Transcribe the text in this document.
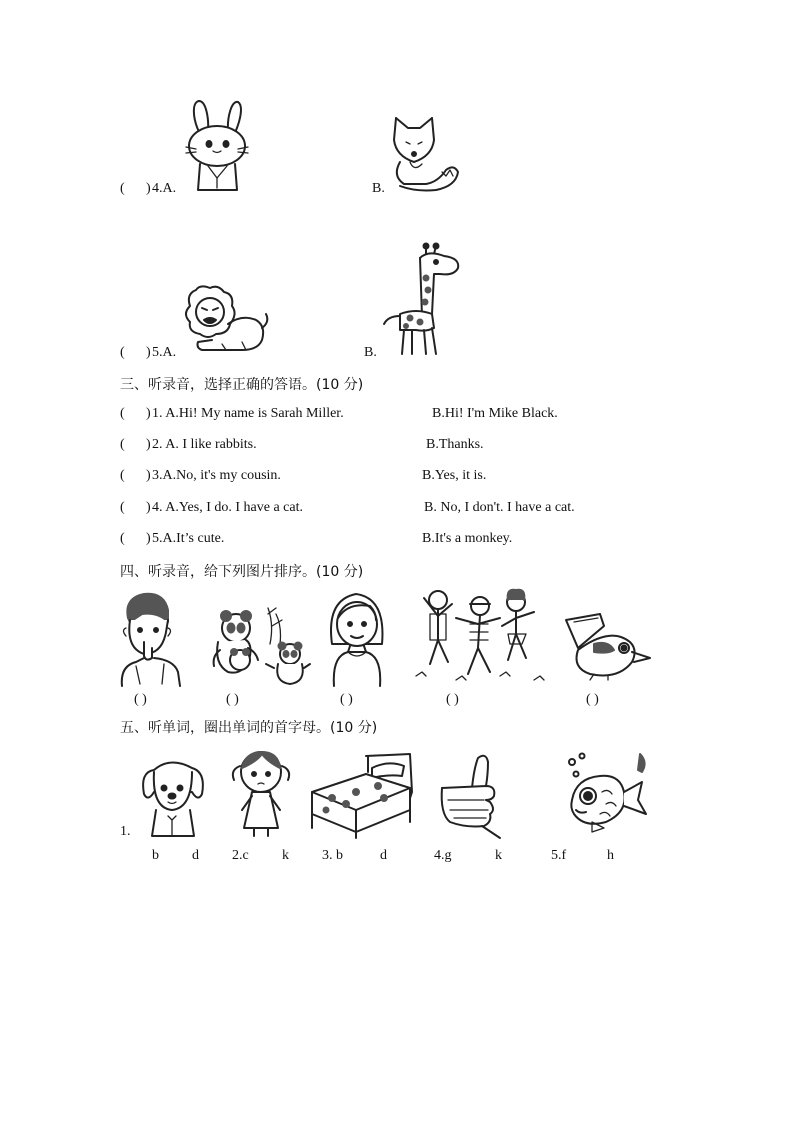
( ) 4.A.	B.
( ) 5.A.	B.
三、听录音，选择正确的答语。(10 分)
( ) 1. A.Hi! My name is Sarah Miller.	B.Hi! I'm Mike Black.
( ) 2. A. I like rabbits.	B.Thanks.
( ) 3.A.No, it's my cousin.	B.Yes, it is.
( ) 4. A.Yes, I do. I have a cat.	B. No, I don't. I have a cat.
( ) 5.A.It’s cute.	B.It's a monkey.
四、听录音，给下列图片排序。(10 分)
( )	( )	( )	( )	( )
五、听单词，圈出单词的首字母。(10 分)
1.
b d 2.c k 3. b	d	4.g	k	5.f	h
